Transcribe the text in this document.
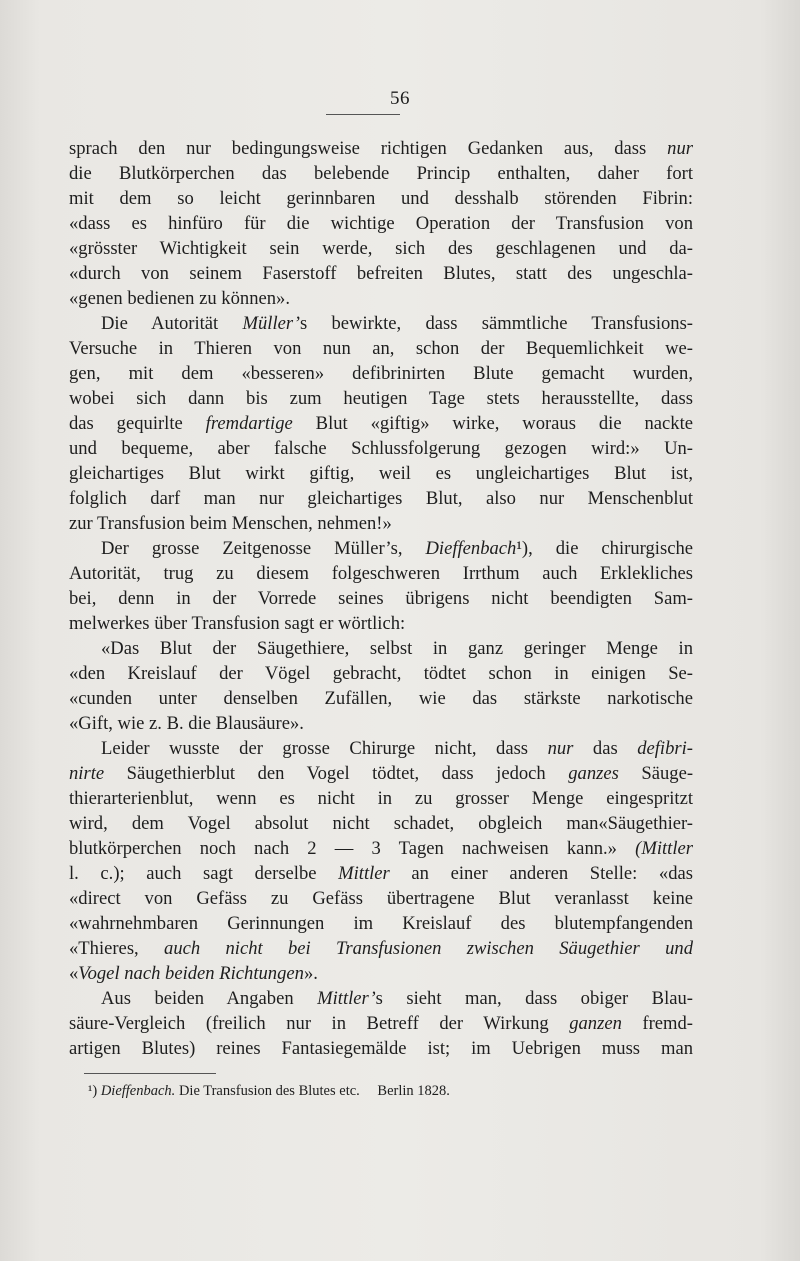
56
sprach den nur bedingungsweise richtigen Gedanken aus, dass nur
die Blutkörperchen das belebende Princip enthalten, daher fort
mit dem so leicht gerinnbaren und desshalb störenden Fibrin:
«dass es hinfüro für die wichtige Operation der Transfusion von
«grösster Wichtigkeit sein werde, sich des geschlagenen und da-
«durch von seinem Faserstoff befreiten Blutes, statt des ungeschla-
«genen bedienen zu können».
Die Autorität Müller’s bewirkte, dass sämmtliche Transfusions-
Versuche in Thieren von nun an, schon der Bequemlichkeit we-
gen, mit dem «besseren» defibrinirten Blute gemacht wurden,
wobei sich dann bis zum heutigen Tage stets herausstellte, dass
das gequirlte fremdartige Blut «giftig» wirke, woraus die nackte
und bequeme, aber falsche Schlussfolgerung gezogen wird:» Un-
gleichartiges Blut wirkt giftig, weil es ungleichartiges Blut ist,
folglich darf man nur gleichartiges Blut, also nur Menschenblut
zur Transfusion beim Menschen, nehmen!»
Der grosse Zeitgenosse Müller’s, Dieffenbach¹), die chirurgische
Autorität, trug zu diesem folgeschweren Irrthum auch Erklekliches
bei, denn in der Vorrede seines übrigens nicht beendigten Sam-
melwerkes über Transfusion sagt er wörtlich:
«Das Blut der Säugethiere, selbst in ganz geringer Menge in
«den Kreislauf der Vögel gebracht, tödtet schon in einigen Se-
«cunden unter denselben Zufällen, wie das stärkste narkotische
«Gift, wie z. B. die Blausäure».
Leider wusste der grosse Chirurge nicht, dass nur das defibri-
nirte Säugethierblut den Vogel tödtet, dass jedoch ganzes Säuge-
thierarterienblut, wenn es nicht in zu grosser Menge eingespritzt
wird, dem Vogel absolut nicht schadet, obgleich man«Säugethier-
blutkörperchen noch nach 2 — 3 Tagen nachweisen kann.» (Mittler
l. c.); auch sagt derselbe Mittler an einer anderen Stelle: «das
«direct von Gefäss zu Gefäss übertragene Blut veranlasst keine
«wahrnehmbaren Gerinnungen im Kreislauf des blutempfangenden
«Thieres, auch nicht bei Transfusionen zwischen Säugethier und
«Vogel nach beiden Richtungen».
Aus beiden Angaben Mittler’s sieht man, dass obiger Blau-
säure-Vergleich (freilich nur in Betreff der Wirkung ganzen fremd-
artigen Blutes) reines Fantasiegemälde ist; im Uebrigen muss man
¹) Dieffenbach. Die Transfusion des Blutes etc. Berlin 1828.
